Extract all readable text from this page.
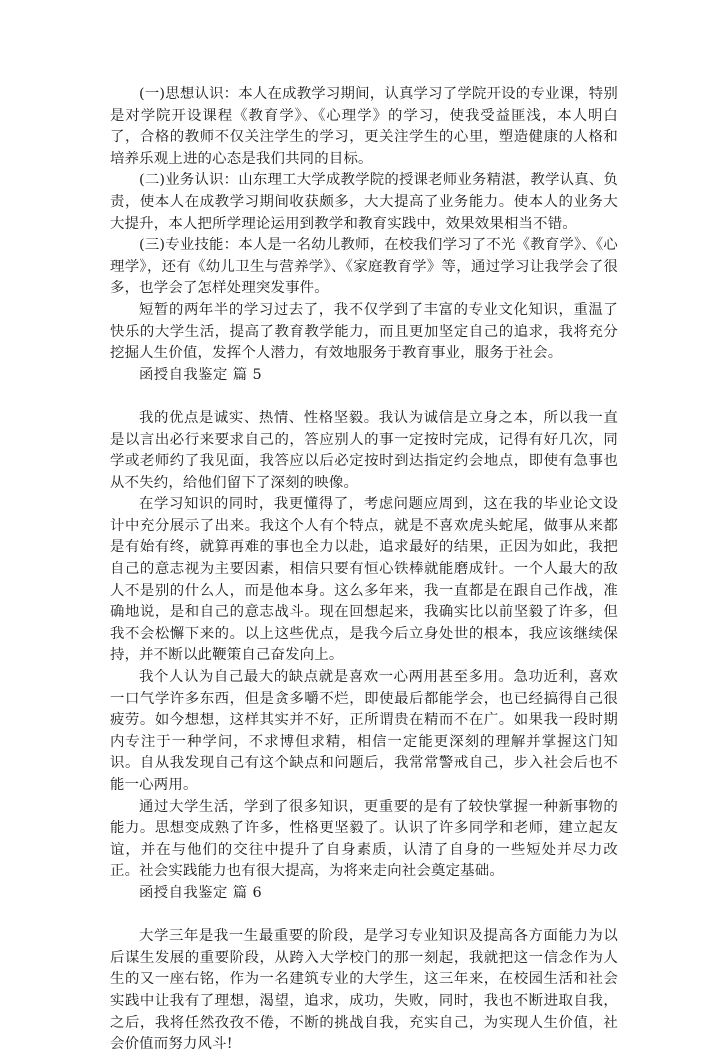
(一)思想认识：本人在成教学习期间，认真学习了学院开设的专业课，特别是对学院开设课程《教育学》、《心理学》的学习，使我受益匪浅，本人明白了，合格的教师不仅关注学生的学习，更关注学生的心里，塑造健康的人格和培养乐观上进的心态是我们共同的目标。

(二)业务认识：山东理工大学成教学院的授课老师业务精湛，教学认真、负责，使本人在成教学习期间收获颇多，大大提高了业务能力。使本人的业务大大提升，本人把所学理论运用到教学和教育实践中，效果效果相当不错。

(三)专业技能：本人是一名幼儿教师，在校我们学习了不光《教育学》、《心理学》，还有《幼儿卫生与营养学》、《家庭教育学》等，通过学习让我学会了很多，也学会了怎样处理突发事件。

短暂的两年半的学习过去了，我不仅学到了丰富的专业文化知识，重温了快乐的大学生活，提高了教育教学能力，而且更加坚定自己的追求，我将充分挖掘人生价值，发挥个人潜力，有效地服务于教育事业，服务于社会。

函授自我鉴定 篇 5

我的优点是诚实、热情、性格坚毅。我认为诚信是立身之本，所以我一直是以言出必行来要求自己的，答应别人的事一定按时完成，记得有好几次，同学或老师约了我见面，我答应以后必定按时到达指定约会地点，即使有急事也从不失约，给他们留下了深刻的映像。

在学习知识的同时，我更懂得了，考虑问题应周到，这在我的毕业论文设计中充分展示了出来。我这个人有个特点，就是不喜欢虎头蛇尾，做事从来都是有始有终，就算再难的事也全力以赴，追求最好的结果，正因为如此，我把自己的意志视为主要因素，相信只要有恒心铁棒就能磨成针。一个人最大的敌人不是别的什么人，而是他本身。这么多年来，我一直都是在跟自己作战，准确地说，是和自己的意志战斗。现在回想起来，我确实比以前坚毅了许多，但我不会松懈下来的。以上这些优点，是我今后立身处世的根本，我应该继续保持，并不断以此鞭策自己奋发向上。

我个人认为自己最大的缺点就是喜欢一心两用甚至多用。急功近利，喜欢一口气学许多东西，但是贪多嚼不烂，即使最后都能学会，也已经搞得自己很疲劳。如今想想，这样其实并不好，正所谓贵在精而不在广。如果我一段时期内专注于一种学问，不求博但求精，相信一定能更深刻的理解并掌握这门知识。自从我发现自己有这个缺点和问题后，我常常警戒自己，步入社会后也不能一心两用。

通过大学生活，学到了很多知识，更重要的是有了较快掌握一种新事物的能力。思想变成熟了许多，性格更坚毅了。认识了许多同学和老师，建立起友谊，并在与他们的交往中提升了自身素质，认清了自身的一些短处并尽力改正。社会实践能力也有很大提高，为将来走向社会奠定基础。

函授自我鉴定 篇 6

大学三年是我一生最重要的阶段，是学习专业知识及提高各方面能力为以后谋生发展的重要阶段，从跨入大学校门的那一刻起，我就把这一信念作为人生的又一座右铭，作为一名建筑专业的大学生，这三年来，在校园生活和社会实践中让我有了理想，渴望，追求，成功，失败，同时，我也不断进取自我，之后，我将任然孜孜不倦，不断的挑战自我，充实自己，为实现人生价值，社会价值而努力风斗!
